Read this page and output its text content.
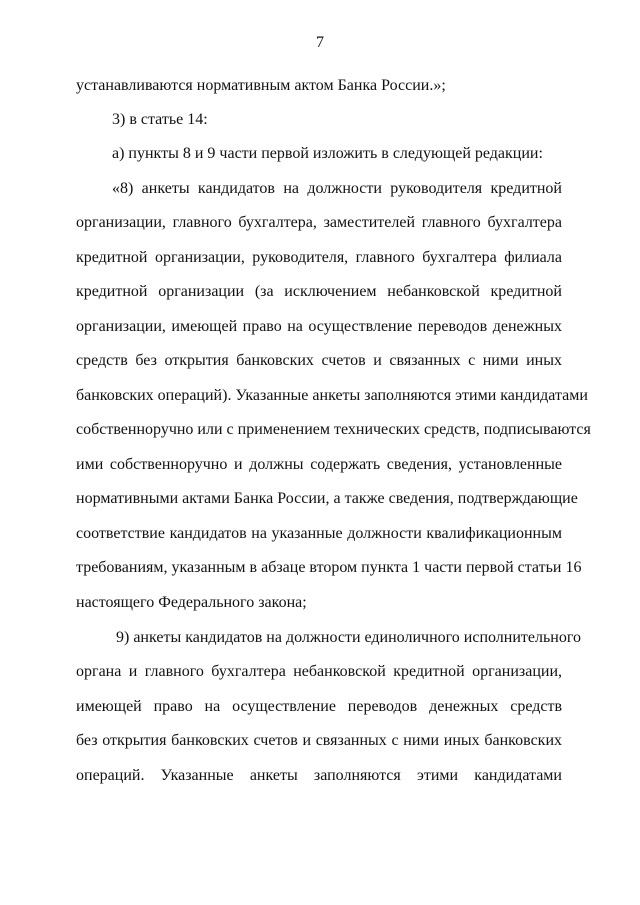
7
устанавливаются нормативным актом Банка России.»;
3) в статье 14:
а) пункты 8 и 9 части первой изложить в следующей редакции:
«8) анкеты кандидатов на должности руководителя кредитной
организации, главного бухгалтера, заместителей главного бухгалтера
кредитной организации, руководителя, главного бухгалтера филиала
кредитной организации (за исключением небанковской кредитной
организации, имеющей право на осуществление переводов денежных
средств без открытия банковских счетов и связанных с ними иных
банковских операций). Указанные анкеты заполняются этими кандидатами
собственноручно или с применением технических средств, подписываются
ими собственноручно и должны содержать сведения, установленные
нормативными актами Банка России, а также сведения, подтверждающие
соответствие кандидатов на указанные должности квалификационным
требованиям, указанным в абзаце втором пункта 1 части первой статьи 16
настоящего Федерального закона;
9) анкеты кандидатов на должности единоличного исполнительного
органа и главного бухгалтера небанковской кредитной организации,
имеющей право на осуществление переводов денежных средств
без открытия банковских счетов и связанных с ними иных банковских
операций. Указанные анкеты заполняются этими кандидатами
